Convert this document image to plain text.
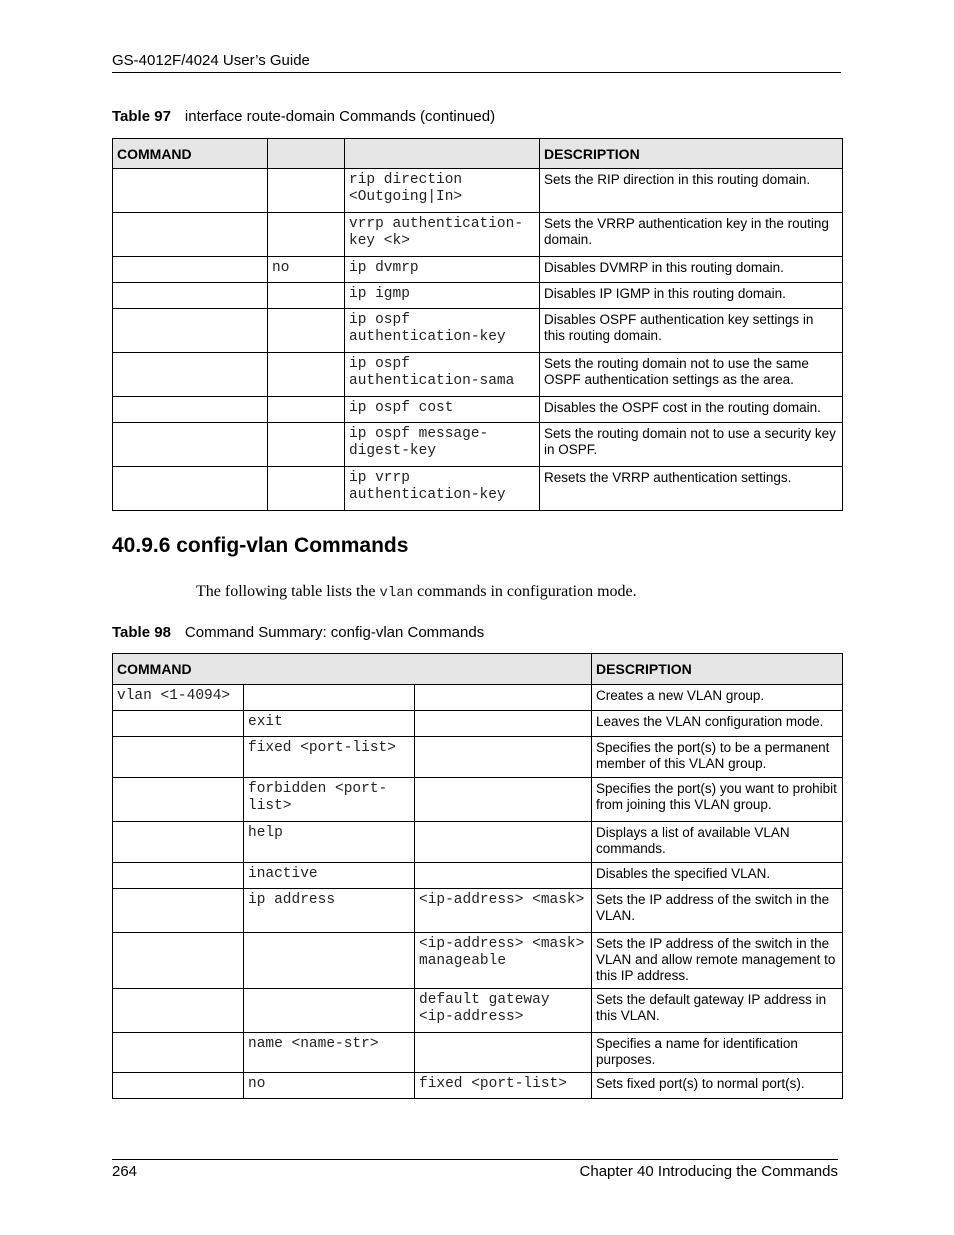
GS-4012F/4024 User’s Guide
Table 97 interface route-domain Commands (continued)
COMMAND			DESCRIPTION
		rip direction <Outgoing|In>	Sets the RIP direction in this routing domain.
		vrrp authentication-key <k>	Sets the VRRP authentication key in the routing domain.
	no	ip dvmrp	Disables DVMRP in this routing domain.
		ip igmp	Disables IP IGMP in this routing domain.
		ip ospf authentication-key	Disables OSPF authentication key settings in this routing domain.
		ip ospf authentication-sama	Sets the routing domain not to use the same OSPF authentication settings as the area.
		ip ospf cost	Disables the OSPF cost in the routing domain.
		ip ospf message-digest-key	Sets the routing domain not to use a security key in OSPF.
		ip vrrp authentication-key	Resets the VRRP authentication settings.
40.9.6 config-vlan Commands
The following table lists the vlan commands in configuration mode.
Table 98 Command Summary: config-vlan Commands
COMMAND			DESCRIPTION
vlan <1-4094>			Creates a new VLAN group.
	exit		Leaves the VLAN configuration mode.
	fixed <port-list>		Specifies the port(s) to be a permanent member of this VLAN group.
	forbidden <port-list>		Specifies the port(s) you want to prohibit from joining this VLAN group.
	help		Displays a list of available VLAN commands.
	inactive		Disables the specified VLAN.
	ip address	<ip-address> <mask>	Sets the IP address of the switch in the VLAN.
		<ip-address> <mask> manageable	Sets the IP address of the switch in the VLAN and allow remote management to this IP address.
		default gateway <ip-address>	Sets the default gateway IP address in this VLAN.
	name <name-str>		Specifies a name for identification purposes.
	no	fixed <port-list>	Sets fixed port(s) to normal port(s).
264	Chapter 40 Introducing the Commands
